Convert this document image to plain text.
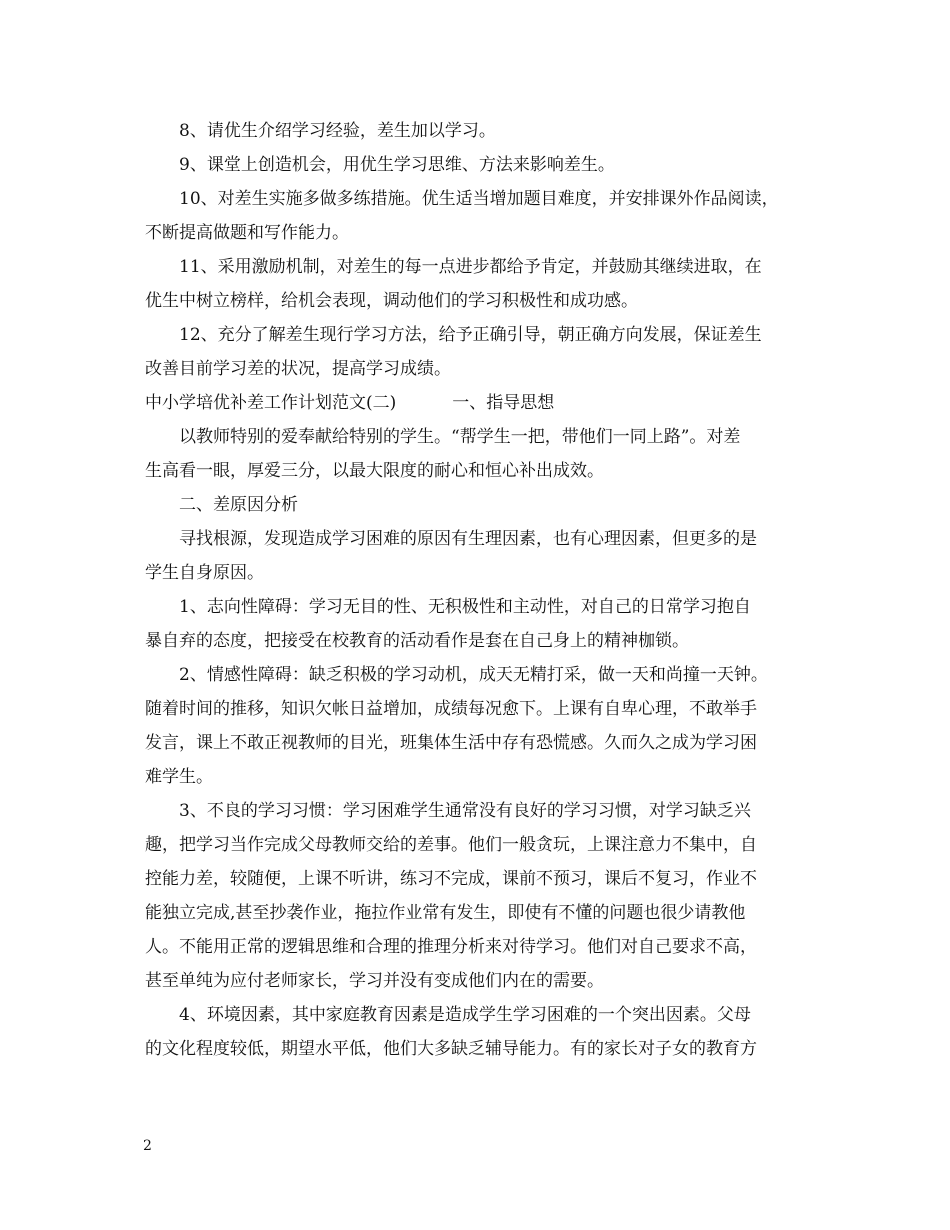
8、请优生介绍学习经验，差生加以学习。
9、课堂上创造机会，用优生学习思维、方法来影响差生。
10、对差生实施多做多练措施。优生适当增加题目难度，并安排课外作品阅读，
不断提高做题和写作能力。
11、采用激励机制，对差生的每一点进步都给予肯定，并鼓励其继续进取，在
优生中树立榜样，给机会表现，调动他们的学习积极性和成功感。
12、充分了解差生现行学习方法，给予正确引导，朝正确方向发展，保证差生
改善目前学习差的状况，提高学习成绩。
中小学培优补差工作计划范文(二)	一、指导思想
以教师特别的爱奉献给特别的学生。“帮学生一把，带他们一同上路”。对差
生高看一眼，厚爱三分，以最大限度的耐心和恒心补出成效。
二、差原因分析
寻找根源，发现造成学习困难的原因有生理因素，也有心理因素，但更多的是
学生自身原因。
1、志向性障碍：学习无目的性、无积极性和主动性，对自己的日常学习抱自
暴自弃的态度，把接受在校教育的活动看作是套在自己身上的精神枷锁。
2、情感性障碍：缺乏积极的学习动机，成天无精打采，做一天和尚撞一天钟。
随着时间的推移，知识欠帐日益增加，成绩每况愈下。上课有自卑心理，不敢举手
发言，课上不敢正视教师的目光，班集体生活中存有恐慌感。久而久之成为学习困
难学生。
3、不良的学习习惯：学习困难学生通常没有良好的学习习惯，对学习缺乏兴
趣，把学习当作完成父母教师交给的差事。他们一般贪玩，上课注意力不集中，自
控能力差，较随便，上课不听讲，练习不完成，课前不预习，课后不复习，作业不
能独立完成,甚至抄袭作业，拖拉作业常有发生，即使有不懂的问题也很少请教他
人。不能用正常的逻辑思维和合理的推理分析来对待学习。他们对自己要求不高，
甚至单纯为应付老师家长，学习并没有变成他们内在的需要。
4、环境因素，其中家庭教育因素是造成学生学习困难的一个突出因素。父母
的文化程度较低，期望水平低，他们大多缺乏辅导能力。有的家长对子女的教育方
2
